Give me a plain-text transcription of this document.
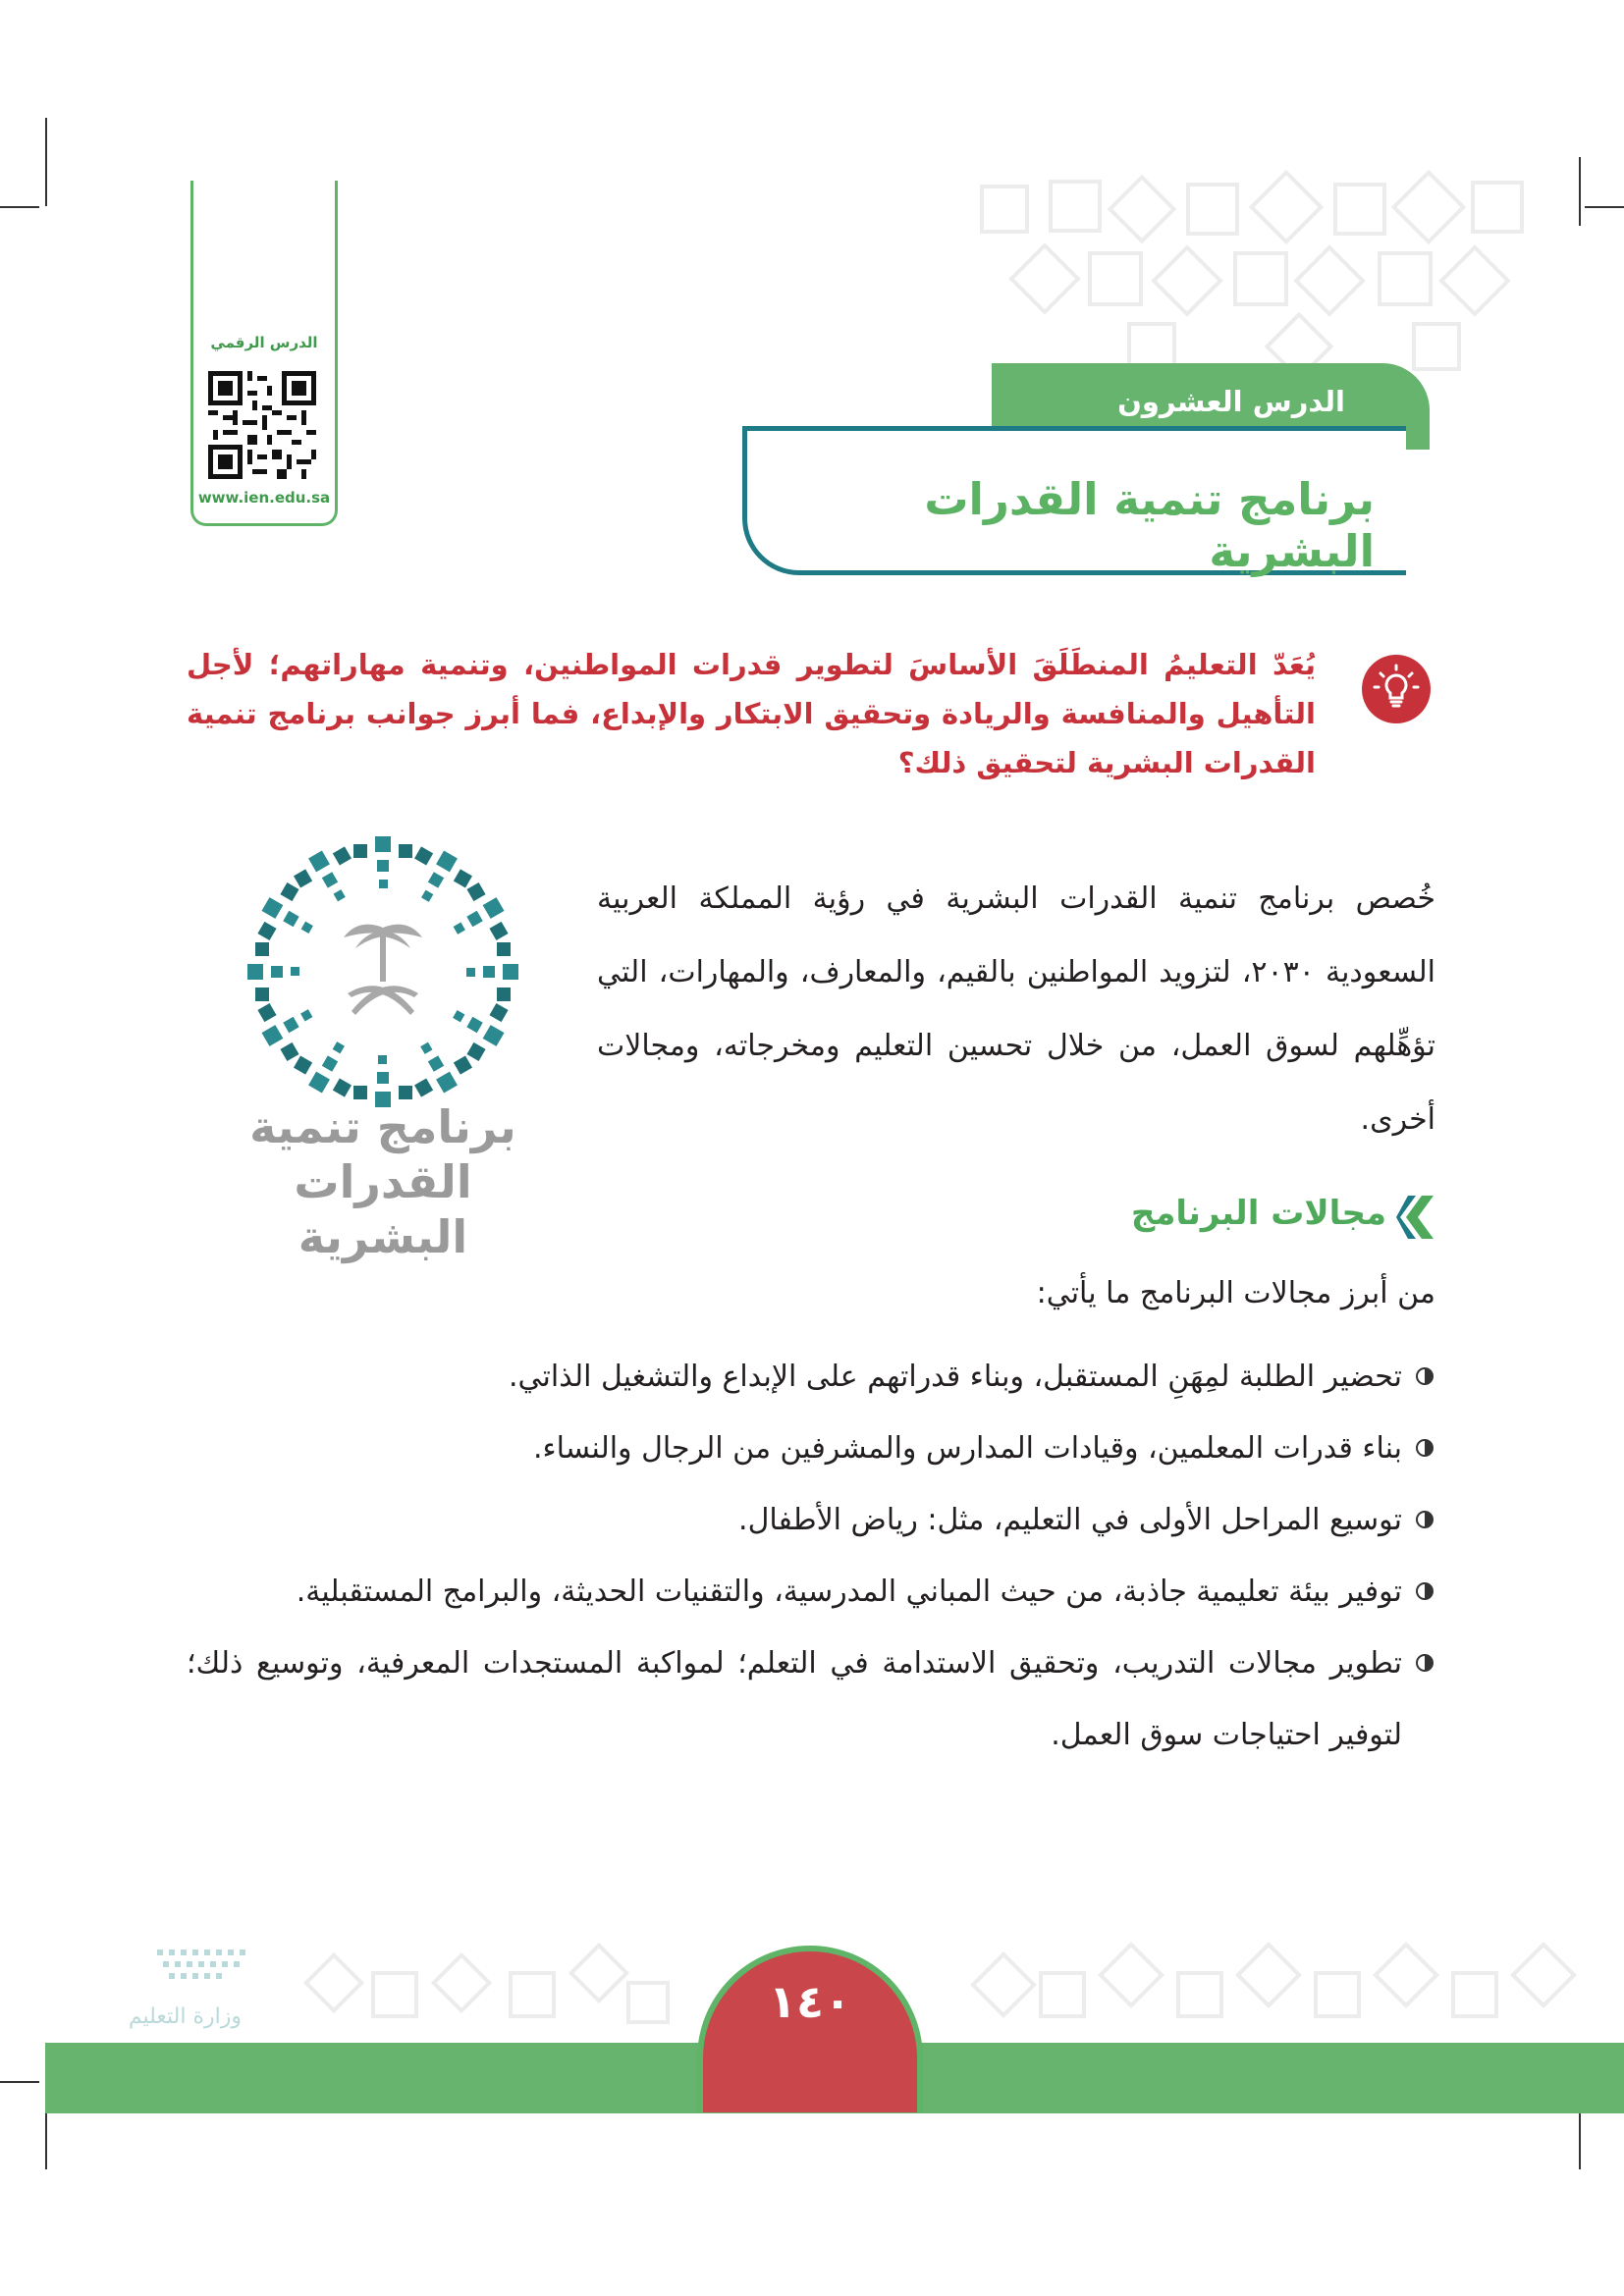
الدرس الرقمي
www.ien.edu.sa
الدرس العشرون
برنامج تنمية القدرات البشرية
يُعَدّ التعليمُ المنطَلَقَ الأساسَ لتطوير قدرات المواطنين، وتنمية مهاراتهم؛ لأجل التأهيل والمنافسة والريادة وتحقيق الابتكار والإبداع، فما أبرز جوانب برنامج تنمية القدرات البشرية لتحقيق ذلك؟
برنامج تنمية
القدرات البشرية
خُصص برنامج تنمية القدرات البشرية في رؤية المملكة العربية السعودية ٢٠٣٠، لتزويد المواطنين بالقيم، والمعارف، والمهارات، التي تؤهِّلهم لسوق العمل، من خلال تحسين التعليم ومخرجاته، ومجالات أخرى.
مجالات البرنامج
من أبرز مجالات البرنامج ما يأتي:
تحضير الطلبة لمِهَنِ المستقبل، وبناء قدراتهم على الإبداع والتشغيل الذاتي.
بناء قدرات المعلمين، وقيادات المدارس والمشرفين من الرجال والنساء.
توسيع المراحل الأولى في التعليم، مثل: رياض الأطفال.
توفير بيئة تعليمية جاذبة، من حيث المباني المدرسية، والتقنيات الحديثة، والبرامج المستقبلية.
تطوير مجالات التدريب، وتحقيق الاستدامة في التعلم؛ لمواكبة المستجدات المعرفية، وتوسيع ذلك؛ لتوفير احتياجات سوق العمل.
١٤٠
وزارة التعليم
